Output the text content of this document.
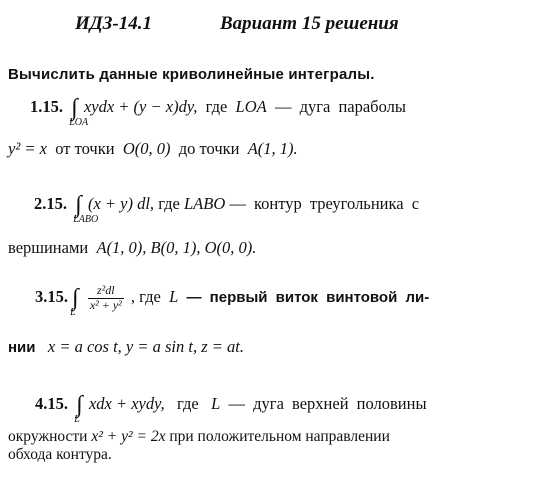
ИДЗ-14.1	Вариант 15 решения
Вычислить данные криволинейные интегралы.
1.15. ∫
LOA
xydx + (y − x)dy, где LOA — дуга параболы
y² = x от точки O(0, 0) до точки A(1, 1).
2.15. ∫
LABO
(x + y) dl, где LABO — контур треугольника с
вершинами A(1, 0), B(0, 1), O(0, 0).
3.15. ∫
L
$\frac{\text{z²dl}}{\text{x² + y²}}$ , где L — первый виток винтовой ли-
нии x = a cos t, y = a sin t, z = at.
4.15. ∫
L
xdx + xydy, где L — дуга верхней половины
окружности x² + y² = 2x при положительном направлении
обхода контура.
